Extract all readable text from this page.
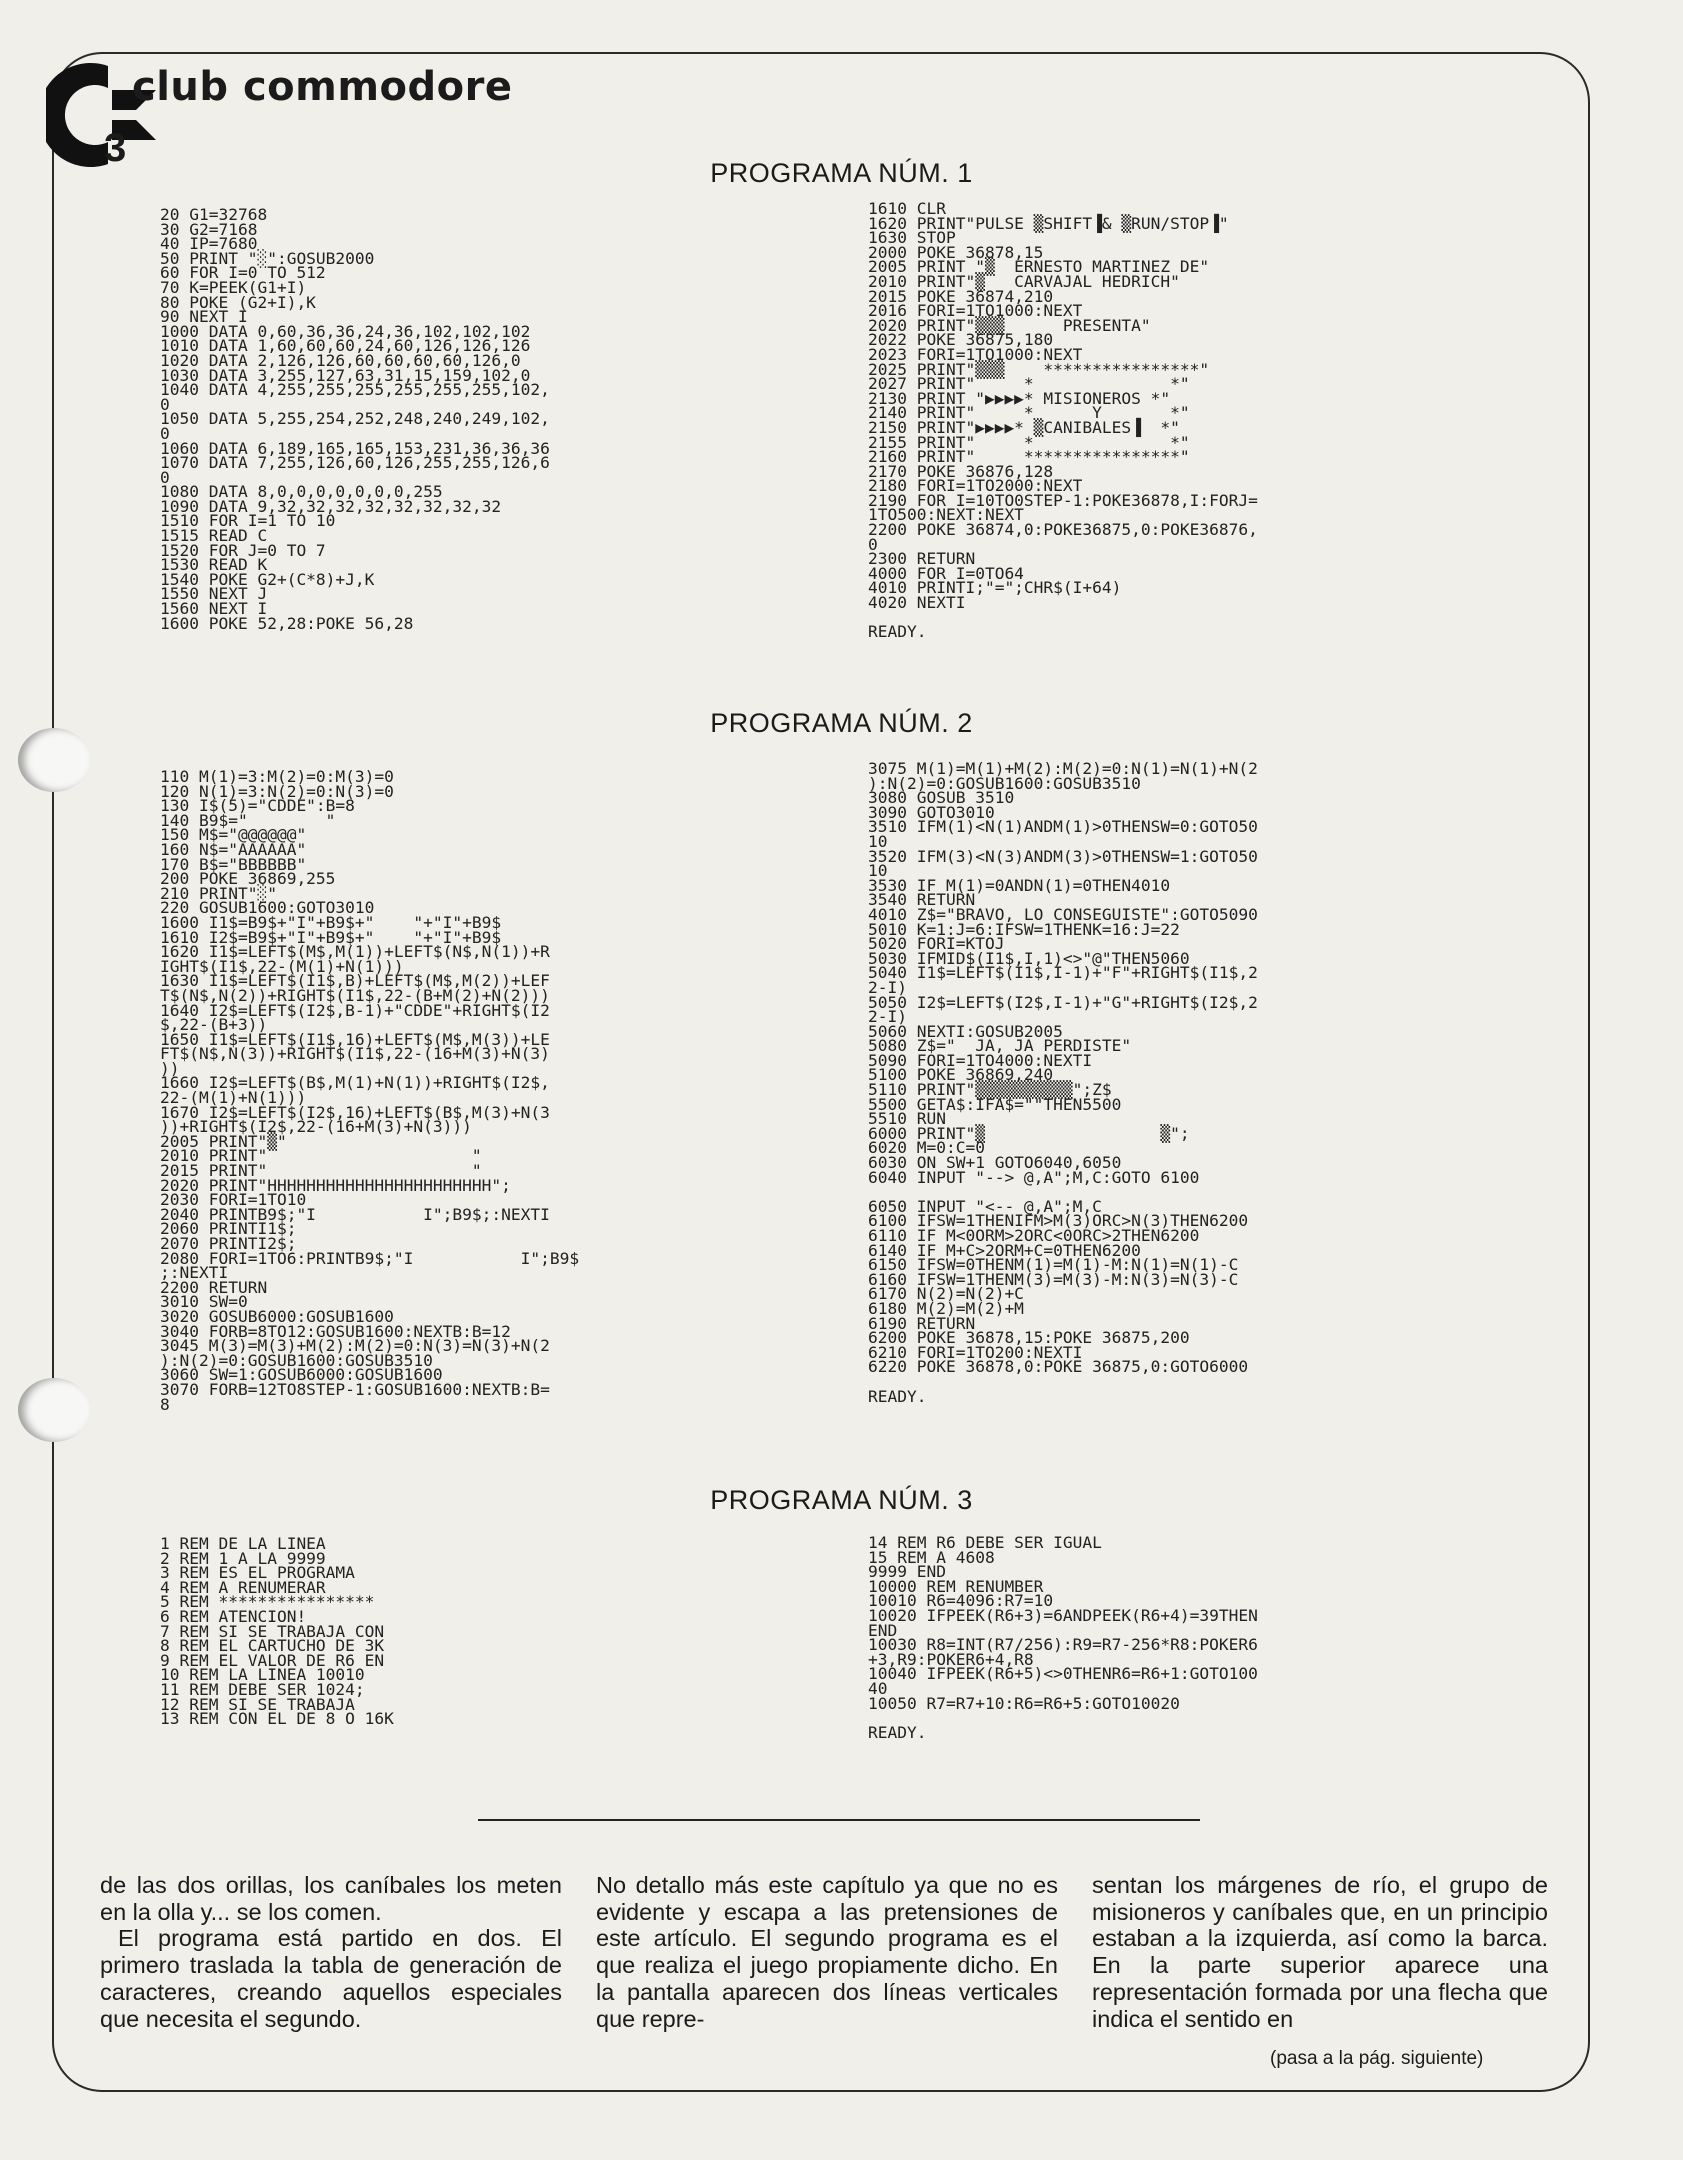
club commodore
3
PROGRAMA NÚM. 1
20 G1=32768
30 G2=7168
40 IP=7680
50 PRINT "░":GOSUB2000
60 FOR I=0 TO 512
70 K=PEEK(G1+I)
80 POKE (G2+I),K
90 NEXT I
1000 DATA 0,60,36,36,24,36,102,102,102
1010 DATA 1,60,60,60,24,60,126,126,126
1020 DATA 2,126,126,60,60,60,60,126,0
1030 DATA 3,255,127,63,31,15,159,102,0
1040 DATA 4,255,255,255,255,255,255,102,
0
1050 DATA 5,255,254,252,248,240,249,102,
0
1060 DATA 6,189,165,165,153,231,36,36,36
1070 DATA 7,255,126,60,126,255,255,126,6
0
1080 DATA 8,0,0,0,0,0,0,0,255
1090 DATA 9,32,32,32,32,32,32,32,32
1510 FOR I=1 TO 10
1515 READ C
1520 FOR J=0 TO 7
1530 READ K
1540 POKE G2+(C*8)+J,K
1550 NEXT J
1560 NEXT I
1600 POKE 52,28:POKE 56,28
1610 CLR
1620 PRINT"PULSE ▒SHIFT▐& ▒RUN/STOP▐"
1630 STOP
2000 POKE 36878,15
2005 PRINT "▒  ERNESTO MARTINEZ DE"
2010 PRINT"▒   CARVAJAL HEDRICH"
2015 POKE 36874,210
2016 FORI=1TO1000:NEXT
2020 PRINT"▒▒▒      PRESENTA"
2022 POKE 36875,180
2023 FORI=1TO1000:NEXT
2025 PRINT"▒▒▒    ****************"
2027 PRINT"     *              *"
2130 PRINT "▶▶▶▶* MISIONEROS *"
2140 PRINT"     *      Y       *"
2150 PRINT"▶▶▶▶* ▒CANIBALES▐  *"
2155 PRINT"     *              *"
2160 PRINT"     ****************"
2170 POKE 36876,128
2180 FORI=1TO2000:NEXT
2190 FOR I=10TO0STEP-1:POKE36878,I:FORJ=
1TO500:NEXT:NEXT
2200 POKE 36874,0:POKE36875,0:POKE36876,
0
2300 RETURN
4000 FOR I=0TO64
4010 PRINTI;"=";CHR$(I+64)
4020 NEXTI

READY.
PROGRAMA NÚM. 2
110 M(1)=3:M(2)=0:M(3)=0
120 N(1)=3:N(2)=0:N(3)=0
130 I$(5)="CDDE":B=8
140 B9$="        "
150 M$="@@@@@@"
160 N$="AAAAAA"
170 B$="BBBBBB"
200 POKE 36869,255
210 PRINT"░"
220 GOSUB1600:GOTO3010
1600 I1$=B9$+"I"+B9$+"    "+"I"+B9$
1610 I2$=B9$+"I"+B9$+"    "+"I"+B9$
1620 I1$=LEFT$(M$,M(1))+LEFT$(N$,N(1))+R
IGHT$(I1$,22-(M(1)+N(1)))
1630 I1$=LEFT$(I1$,B)+LEFT$(M$,M(2))+LEF
T$(N$,N(2))+RIGHT$(I1$,22-(B+M(2)+N(2)))
1640 I2$=LEFT$(I2$,B-1)+"CDDE"+RIGHT$(I2
$,22-(B+3))
1650 I1$=LEFT$(I1$,16)+LEFT$(M$,M(3))+LE
FT$(N$,N(3))+RIGHT$(I1$,22-(16+M(3)+N(3)
))
1660 I2$=LEFT$(B$,M(1)+N(1))+RIGHT$(I2$,
22-(M(1)+N(1)))
1670 I2$=LEFT$(I2$,16)+LEFT$(B$,M(3)+N(3
))+RIGHT$(I2$,22-(16+M(3)+N(3)))
2005 PRINT"▒"
2010 PRINT"                     "
2015 PRINT"                     "
2020 PRINT"HHHHHHHHHHHHHHHHHHHHHHH";
2030 FORI=1TO10
2040 PRINTB9$;"I           I";B9$;:NEXTI
2060 PRINTI1$;
2070 PRINTI2$;
2080 FORI=1TO6:PRINTB9$;"I           I";B9$
;:NEXTI
2200 RETURN
3010 SW=0
3020 GOSUB6000:GOSUB1600
3040 FORB=8TO12:GOSUB1600:NEXTB:B=12
3045 M(3)=M(3)+M(2):M(2)=0:N(3)=N(3)+N(2
):N(2)=0:GOSUB1600:GOSUB3510
3060 SW=1:GOSUB6000:GOSUB1600
3070 FORB=12TO8STEP-1:GOSUB1600:NEXTB:B=
8
3075 M(1)=M(1)+M(2):M(2)=0:N(1)=N(1)+N(2
):N(2)=0:GOSUB1600:GOSUB3510
3080 GOSUB 3510
3090 GOTO3010
3510 IFM(1)<N(1)ANDM(1)>0THENSW=0:GOTO50
10
3520 IFM(3)<N(3)ANDM(3)>0THENSW=1:GOTO50
10
3530 IF M(1)=0ANDN(1)=0THEN4010
3540 RETURN
4010 Z$="BRAVO, LO CONSEGUISTE":GOTO5090
5010 K=1:J=6:IFSW=1THENK=16:J=22
5020 FORI=KTOJ
5030 IFMID$(I1$,I,1)<>"@"THEN5060
5040 I1$=LEFT$(I1$,I-1)+"F"+RIGHT$(I1$,2
2-I)
5050 I2$=LEFT$(I2$,I-1)+"G"+RIGHT$(I2$,2
2-I)
5060 NEXTI:GOSUB2005
5080 Z$="  JA, JA PERDISTE"
5090 FORI=1TO4000:NEXTI
5100 POKE 36869,240
5110 PRINT"▒▒▒▒▒▒▒▒▒▒";Z$
5500 GETA$:IFA$=""THEN5500
5510 RUN
6000 PRINT"▒                  ▒";
6020 M=0:C=0
6030 ON SW+1 GOTO6040,6050
6040 INPUT "--> @,A";M,C:GOTO 6100

6050 INPUT "<-- @,A";M,C
6100 IFSW=1THENIFM>M(3)ORC>N(3)THEN6200
6110 IF M<0ORM>2ORC<0ORC>2THEN6200
6140 IF M+C>2ORM+C=0THEN6200
6150 IFSW=0THENM(1)=M(1)-M:N(1)=N(1)-C
6160 IFSW=1THENM(3)=M(3)-M:N(3)=N(3)-C
6170 N(2)=N(2)+C
6180 M(2)=M(2)+M
6190 RETURN
6200 POKE 36878,15:POKE 36875,200
6210 FORI=1TO200:NEXTI
6220 POKE 36878,0:POKE 36875,0:GOTO6000

READY.
PROGRAMA NÚM. 3
1 REM DE LA LINEA
2 REM 1 A LA 9999
3 REM ES EL PROGRAMA
4 REM A RENUMERAR
5 REM ****************
6 REM ATENCION!
7 REM SI SE TRABAJA CON
8 REM EL CARTUCHO DE 3K
9 REM EL VALOR DE R6 EN
10 REM LA LINEA 10010
11 REM DEBE SER 1024;
12 REM SI SE TRABAJA
13 REM CON EL DE 8 O 16K
14 REM R6 DEBE SER IGUAL
15 REM A 4608
9999 END
10000 REM RENUMBER
10010 R6=4096:R7=10
10020 IFPEEK(R6+3)=6ANDPEEK(R6+4)=39THEN
END
10030 R8=INT(R7/256):R9=R7-256*R8:POKER6
+3,R9:POKER6+4,R8
10040 IFPEEK(R6+5)<>0THENR6=R6+1:GOTO100
40
10050 R7=R7+10:R6=R6+5:GOTO10020

READY.

de las dos orillas, los caníbales los meten en la olla y... se los comen.

El programa está partido en dos. El primero traslada la tabla de generación de caracteres, creando aquellos especiales que necesita el segundo.

No detallo más este capítulo ya que no es evidente y escapa a las pretensiones de este artículo. El segundo programa es el que realiza el juego propiamente dicho. En la pantalla aparecen dos líneas verticales que repre-

sentan los márgenes de río, el grupo de misioneros y caníbales que, en un principio estaban a la izquierda, así como la barca. En la parte superior aparece una representación formada por una flecha que indica el sentido en

(pasa a la pág. siguiente)
